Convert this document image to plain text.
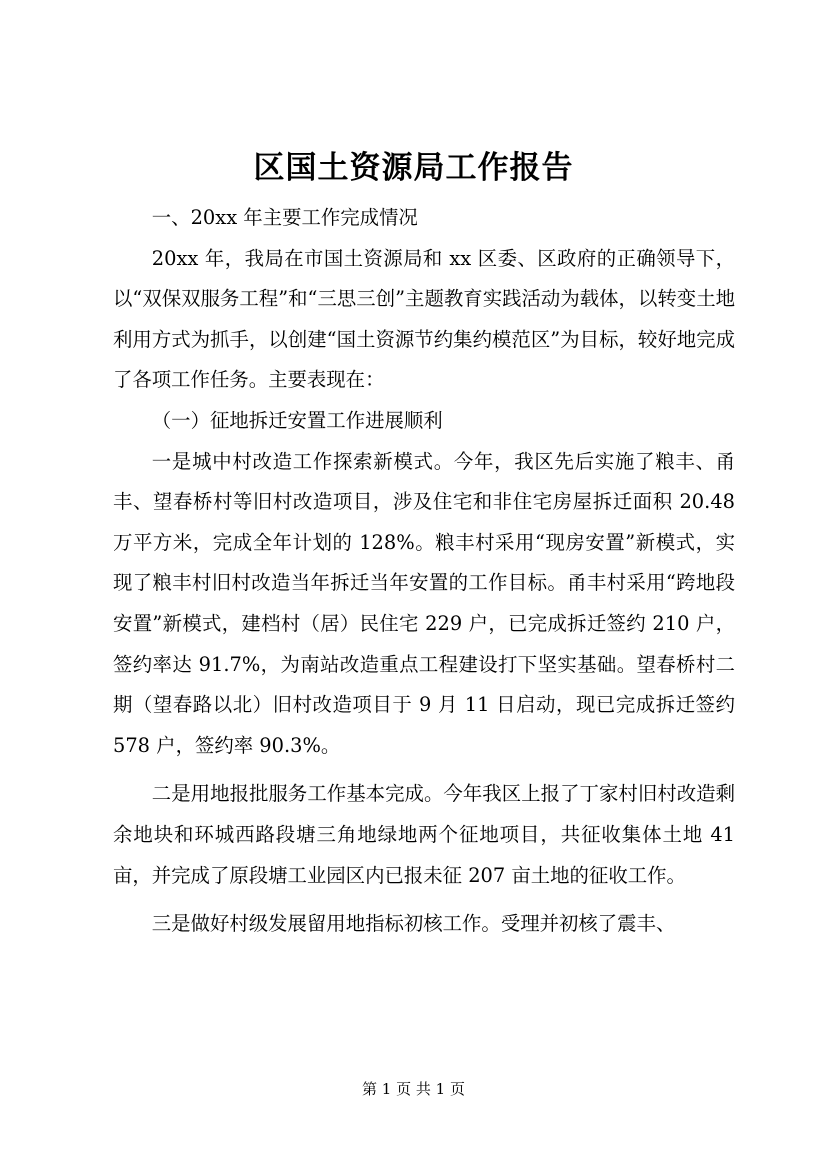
区国土资源局工作报告

一、20xx 年主要工作完成情况

20xx 年，我局在市国土资源局和 xx 区委、区政府的正确领导下，以“双保双服务工程”和“三思三创”主题教育实践活动为载体，以转变土地利用方式为抓手，以创建“国土资源节约集约模范区”为目标，较好地完成了各项工作任务。主要表现在：

（一）征地拆迁安置工作进展顺利

一是城中村改造工作探索新模式。今年，我区先后实施了粮丰、甬丰、望春桥村等旧村改造项目，涉及住宅和非住宅房屋拆迁面积 20.48 万平方米，完成全年计划的 128%。粮丰村采用“现房安置”新模式，实现了粮丰村旧村改造当年拆迁当年安置的工作目标。甬丰村采用“跨地段安置”新模式，建档村（居）民住宅 229 户，已完成拆迁签约 210 户，签约率达 91.7%，为南站改造重点工程建设打下坚实基础。望春桥村二期（望春路以北）旧村改造项目于 9 月 11 日启动，现已完成拆迁签约 578 户，签约率 90.3%。

二是用地报批服务工作基本完成。今年我区上报了丁家村旧村改造剩余地块和环城西路段塘三角地绿地两个征地项目，共征收集体土地 41 亩，并完成了原段塘工业园区内已报未征 207 亩土地的征收工作。

三是做好村级发展留用地指标初核工作。受理并初核了震丰、

第 1 页 共 1 页
